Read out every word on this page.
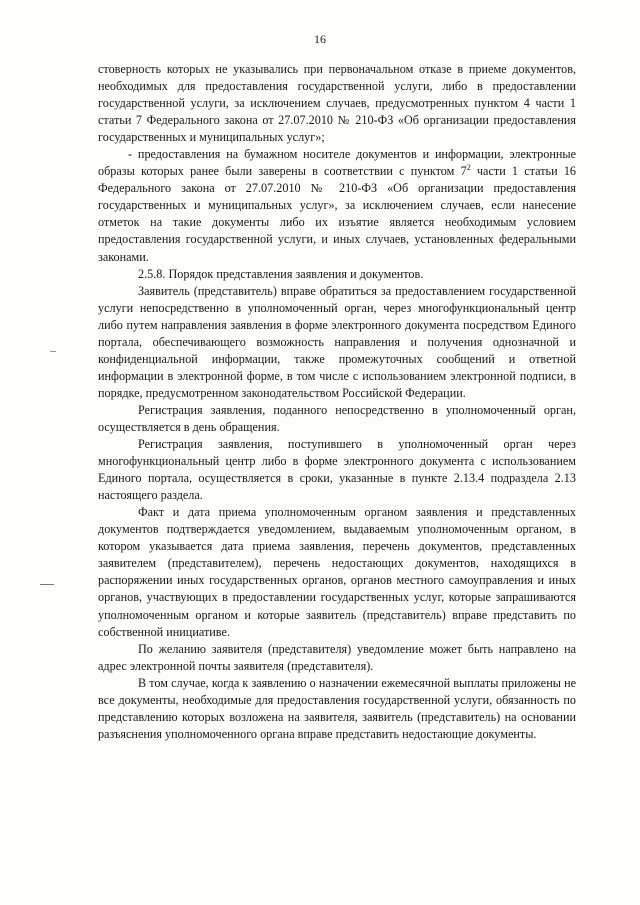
16

стоверность которых не указывались при первоначальном отказе в приеме документов, необходимых для предоставления государственной услуги, либо в предоставлении государственной услуги, за исключением случаев, предусмотренных пунктом 4 части 1 статьи 7 Федерального закона от 27.07.2010 № 210-ФЗ «Об организации предоставления государственных и муниципальных услуг»;

- предоставления на бумажном носителе документов и информации, электронные образы которых ранее были заверены в соответствии с пунктом $7^2$ части 1 статьи 16 Федерального закона от 27.07.2010 № 210-ФЗ «Об организации предоставления государственных и муниципальных услуг», за исключением случаев, если нанесение отметок на такие документы либо их изъятие является необходимым условием предоставления государственной услуги, и иных случаев, установленных федеральными законами.

2.5.8. Порядок представления заявления и документов.

Заявитель (представитель) вправе обратиться за предоставлением государственной услуги непосредственно в уполномоченный орган, через многофункциональный центр либо путем направления заявления в форме электронного документа посредством Единого портала, обеспечивающего возможность направления и получения однозначной и конфиденциальной информации, также промежуточных сообщений и ответной информации в электронной форме, в том числе с использованием электронной подписи, в порядке, предусмотренном законодательством Российской Федерации.

Регистрация заявления, поданного непосредственно в уполномоченный орган, осуществляется в день обращения.

Регистрация заявления, поступившего в уполномоченный орган через многофункциональный центр либо в форме электронного документа с использованием Единого портала, осуществляется в сроки, указанные в пункте 2.13.4 подраздела 2.13 настоящего раздела.

Факт и дата приема уполномоченным органом заявления и представленных документов подтверждается уведомлением, выдаваемым уполномоченным органом, в котором указывается дата приема заявления, перечень документов, представленных заявителем (представителем), перечень недостающих документов, находящихся в распоряжении иных государственных органов, органов местного самоуправления и иных органов, участвующих в предоставлении государственных услуг, которые запрашиваются уполномоченным органом и которые заявитель (представитель) вправе представить по собственной инициативе.

По желанию заявителя (представителя) уведомление может быть направлено на адрес электронной почты заявителя (представителя).

В том случае, когда к заявлению о назначении ежемесячной выплаты приложены не все документы, необходимые для предоставления государственной услуги, обязанность по представлению которых возложена на заявителя, заявитель (представитель) на основании разъяснения уполномоченного органа вправе представить недостающие документы.
